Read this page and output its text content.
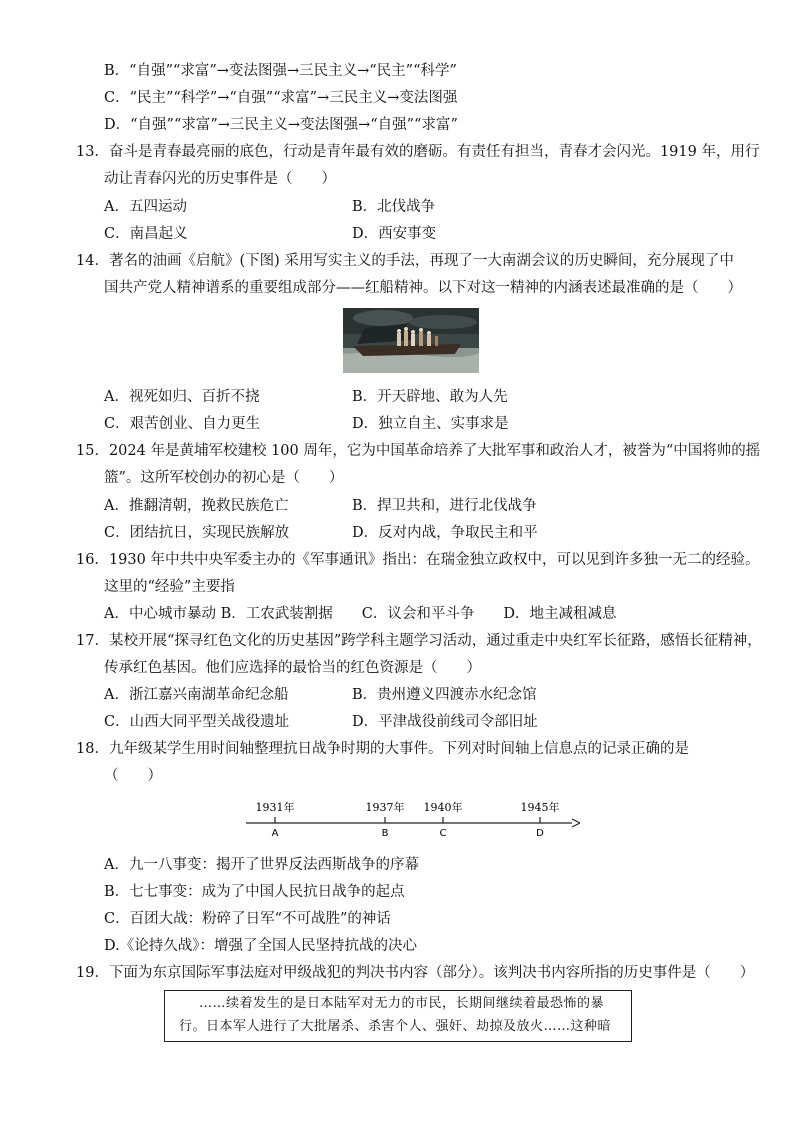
B．“自强”“求富”→变法图强→三民主义→“民主”“科学”
C．“民主”“科学”→“自强”“求富”→三民主义→变法图强
D．“自强”“求富”→三民主义→变法图强→“自强”“求富”
13．奋斗是青春最亮丽的底色，行动是青年最有效的磨砺。有责任有担当，青春才会闪光。1919 年，用行
动让青春闪光的历史事件是（　　）
A．五四运动	B．北伐战争
C．南昌起义	D．西安事变
14．著名的油画《启航》(下图) 采用写实主义的手法，再现了一大南湖会议的历史瞬间，充分展现了中
国共产党人精神谱系的重要组成部分——红船精神。以下对这一精神的内涵表述最准确的是（　　）
A．视死如归、百折不挠	B．开天辟地、敢为人先
C．艰苦创业、自力更生	D．独立自主、实事求是
15．2024 年是黄埔军校建校 100 周年，它为中国革命培养了大批军事和政治人才，被誉为“中国将帅的摇
篮”。这所军校创办的初心是（　　）
A．推翻清朝，挽救民族危亡	B．捍卫共和，进行北伐战争
C．团结抗日，实现民族解放	D．反对内战，争取民主和平
16．1930 年中共中央军委主办的《军事通讯》指出：在瑞金独立政权中，可以见到许多独一无二的经验。
这里的“经验”主要指
A．中心城市暴动 B．工农武装割据　　C．议会和平斗争　　D．地主减租减息
17．某校开展“探寻红色文化的历史基因”跨学科主题学习活动，通过重走中央红军长征路，感悟长征精神，
传承红色基因。他们应选择的最恰当的红色资源是（　　）
A．浙江嘉兴南湖革命纪念船	B．贵州遵义四渡赤水纪念馆
C．山西大同平型关战役遗址	D．平津战役前线司令部旧址
18．九年级某学生用时间轴整理抗日战争时期的大事件。下列对时间轴上信息点的记录正确的是
（　　）
1931年	1937年 1940年	1945年
A	B	C	D
A．九一八事变：揭开了世界反法西斯战争的序幕
B．七七事变：成为了中国人民抗日战争的起点
C．百团大战：粉碎了日军“不可战胜”的神话
D.《论持久战》：增强了全国人民坚持抗战的决心
19．下面为东京国际军事法庭对甲级战犯的判决书内容（部分）。该判决书内容所指的历史事件是（　　）
……续着发生的是日本陆军对无力的市民，长期间继续着最恐怖的暴
行。日本军人进行了大批屠杀、杀害个人、强奸、劫掠及放火……这种暗
